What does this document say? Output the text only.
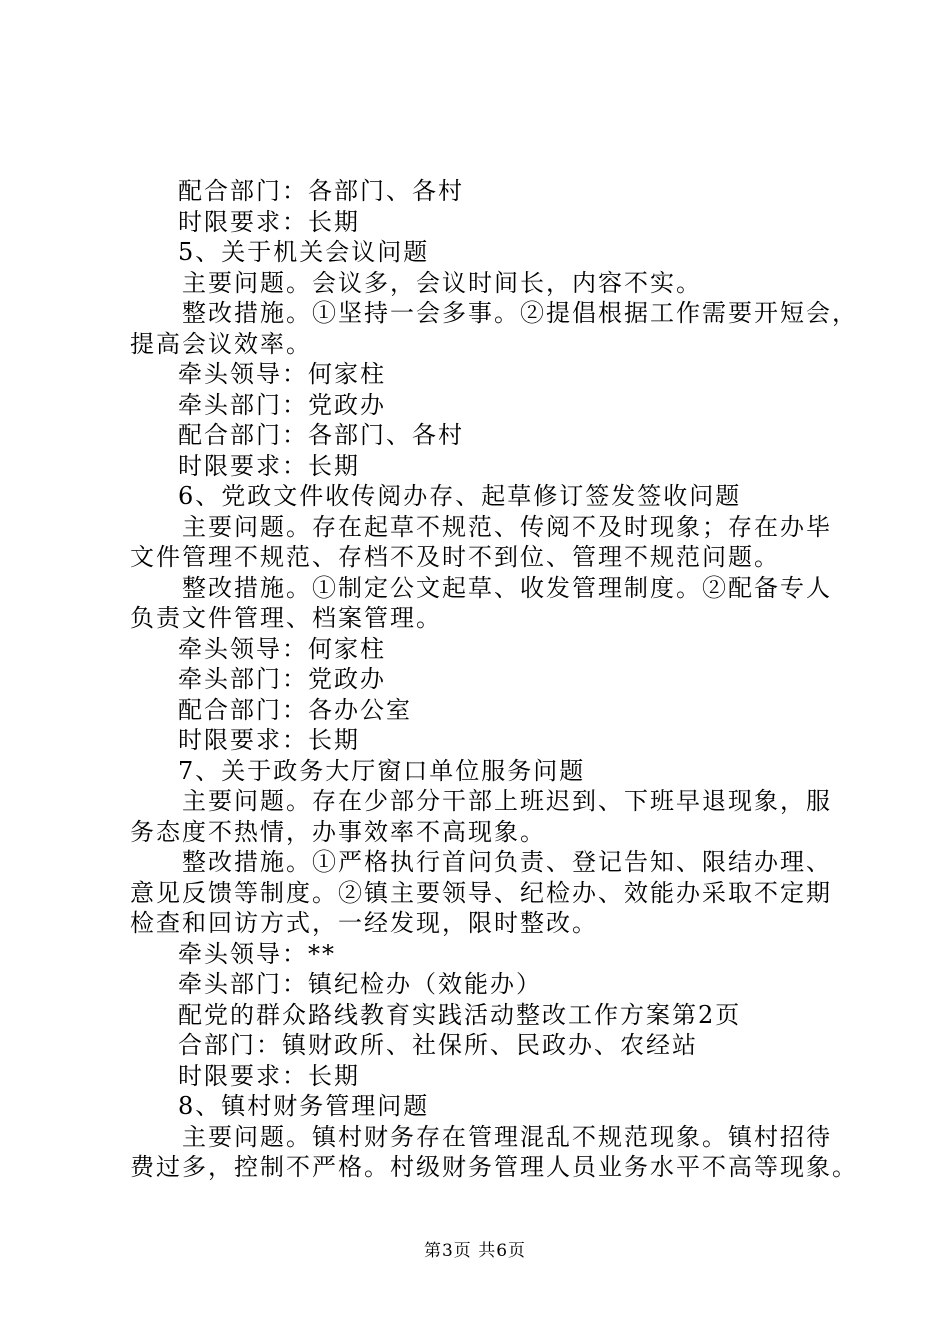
配合部门：各部门、各村
时限要求：长期
5、关于机关会议问题
主要问题。会议多，会议时间长，内容不实。
整改措施。①坚持一会多事。②提倡根据工作需要开短会，
提高会议效率。
牵头领导：何家柱
牵头部门：党政办
配合部门：各部门、各村
时限要求：长期
6、党政文件收传阅办存、起草修订签发签收问题
主要问题。存在起草不规范、传阅不及时现象；存在办毕
文件管理不规范、存档不及时不到位、管理不规范问题。
整改措施。①制定公文起草、收发管理制度。②配备专人
负责文件管理、档案管理。
牵头领导：何家柱
牵头部门：党政办
配合部门：各办公室
时限要求：长期
7、关于政务大厅窗口单位服务问题
主要问题。存在少部分干部上班迟到、下班早退现象，服
务态度不热情，办事效率不高现象。
整改措施。①严格执行首问负责、登记告知、限结办理、
意见反馈等制度。②镇主要领导、纪检办、效能办采取不定期
检查和回访方式，一经发现，限时整改。
牵头领导：**
牵头部门：镇纪检办（效能办）
配党的群众路线教育实践活动整改工作方案第2页
合部门：镇财政所、社保所、民政办、农经站
时限要求：长期
8、镇村财务管理问题
主要问题。镇村财务存在管理混乱不规范现象。镇村招待
费过多，控制不严格。村级财务管理人员业务水平不高等现象。
第3页 共6页
